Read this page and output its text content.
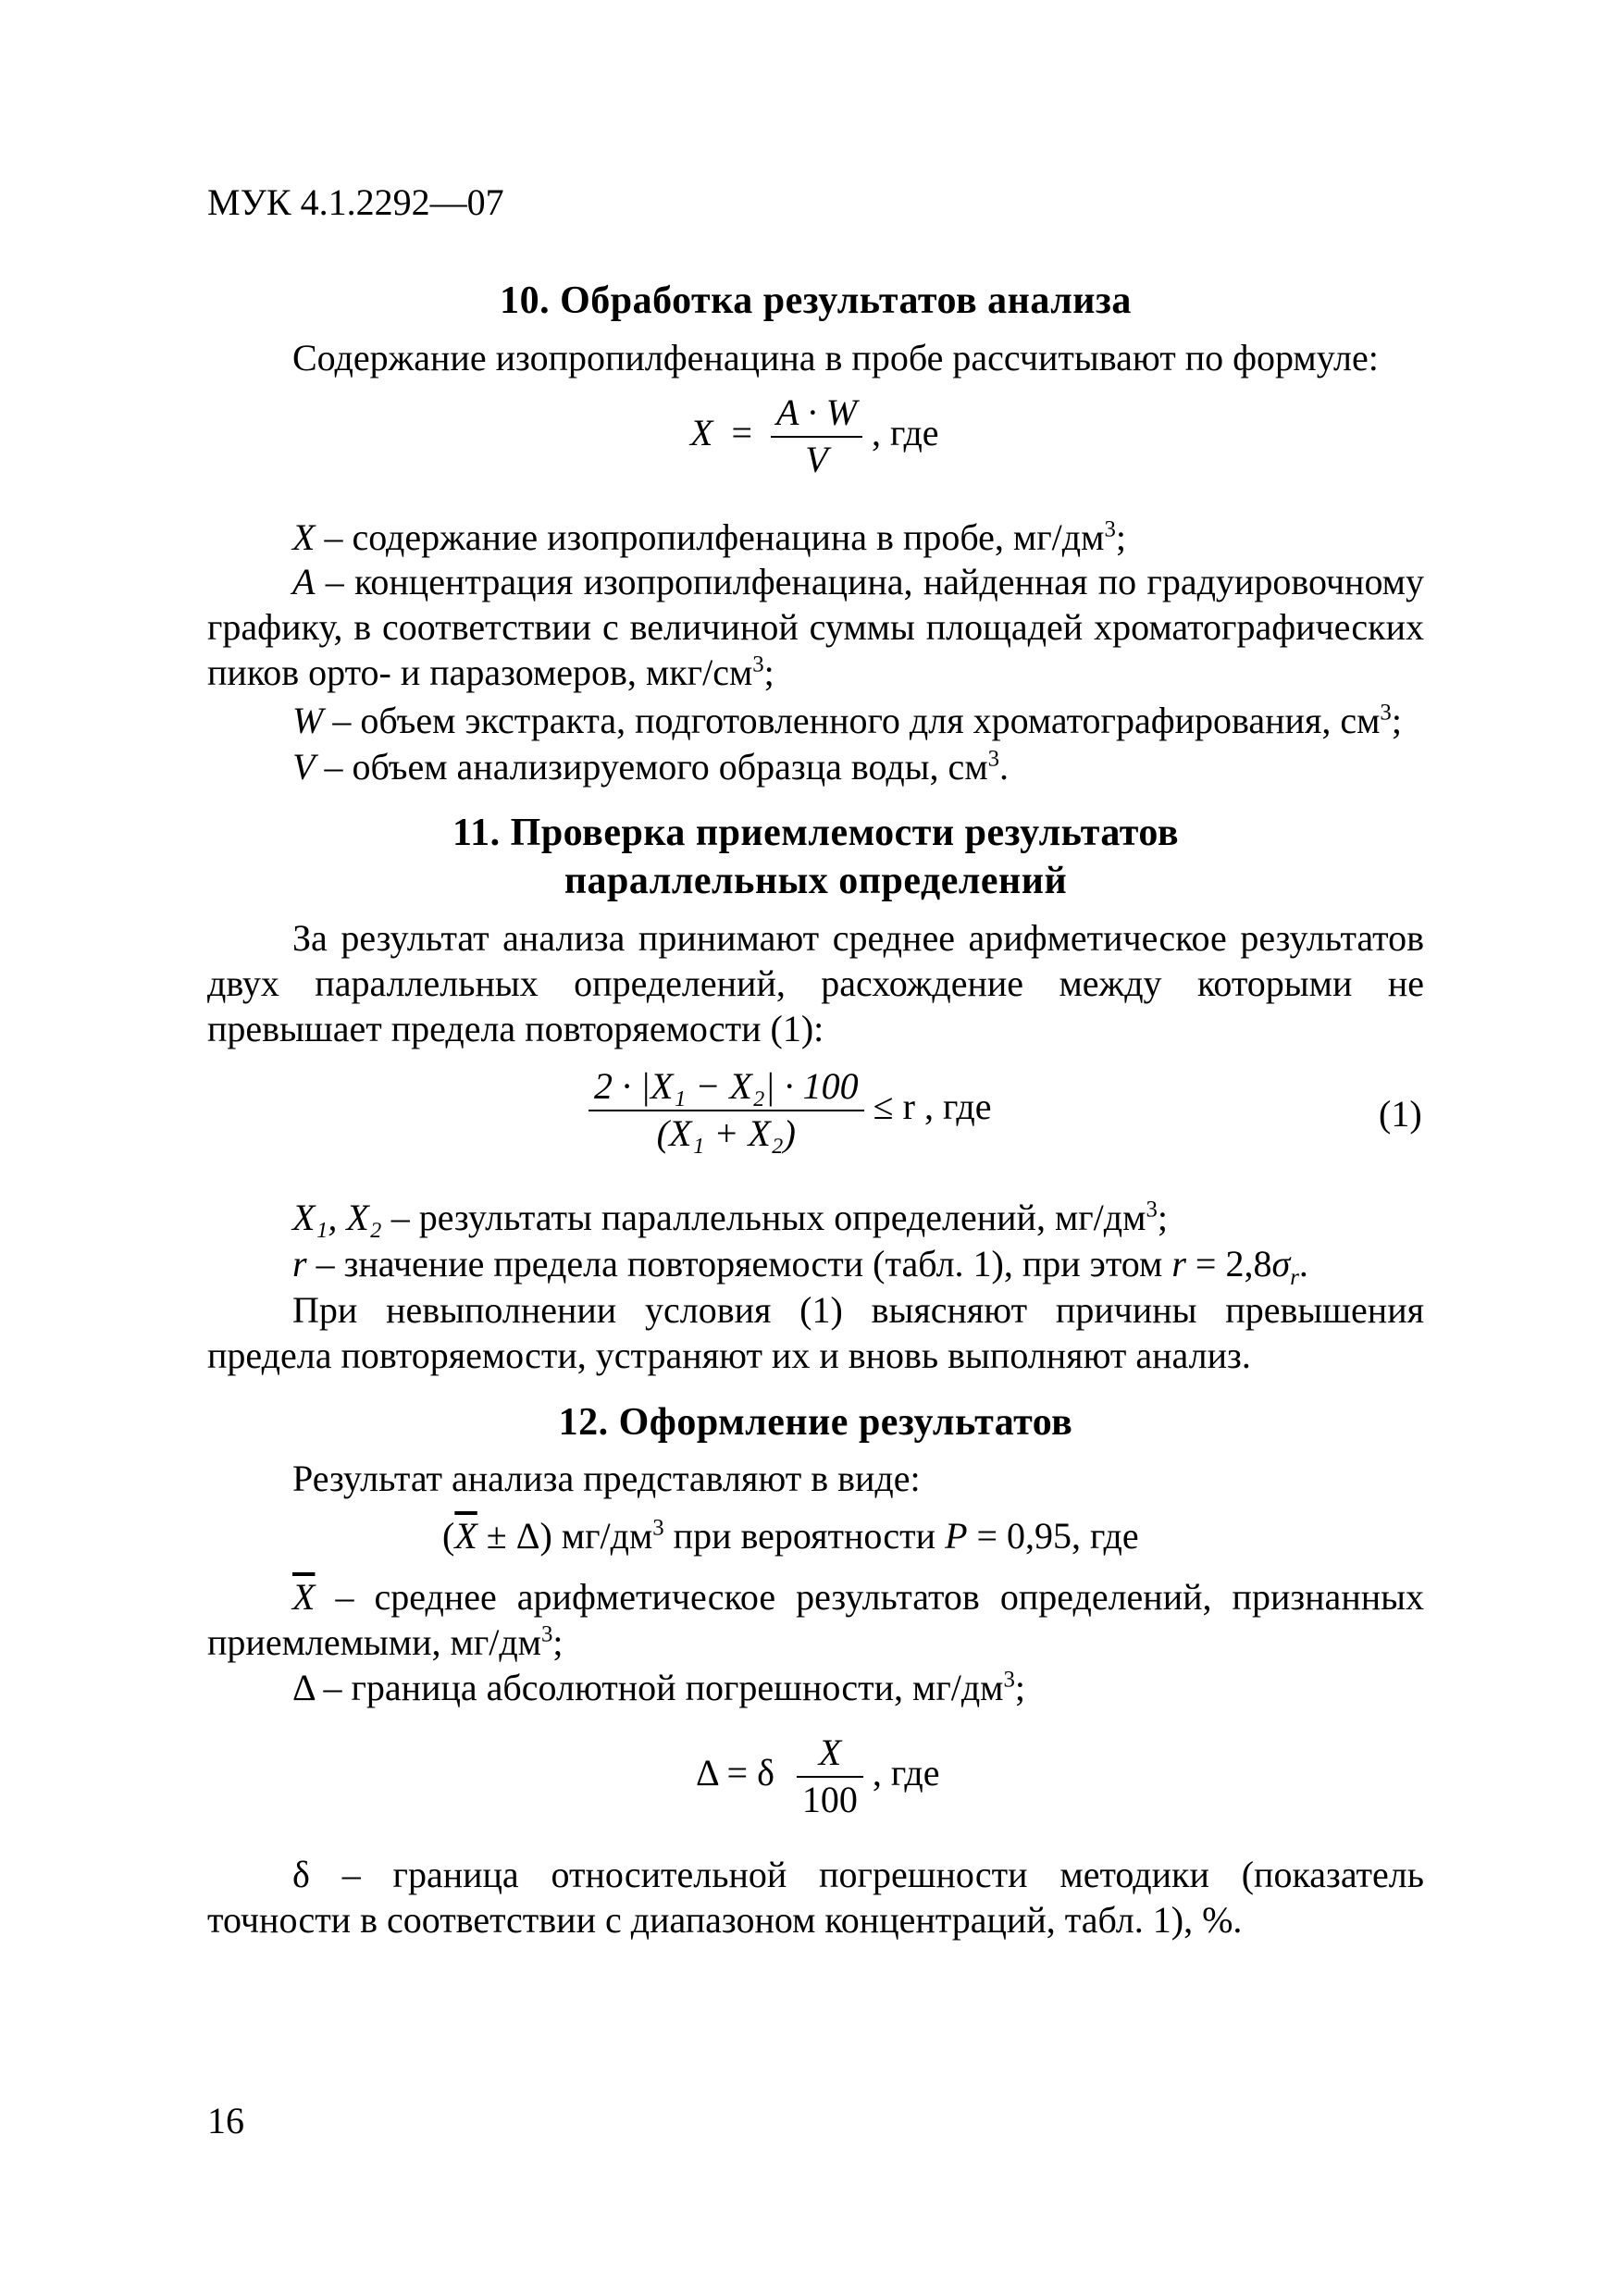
МУК 4.1.2292—07
10. Обработка результатов анализа
Содержание изопропилфенацина в пробе рассчитывают по формуле:
$X = \frac{A \cdot W}{V}$ , где
X – содержание изопропилфенацина в пробе, $мг/дм^3$;
A – концентрация изопропилфенацина, найденная по градуировочному графику, в соответствии с величиной суммы площадей хроматографических пиков орто- и паразомеров, мкг/$см^3$;
W – объем экстракта, подготовленного для хроматографирования, $см^3$;
V – объем анализируемого образца воды, $см^3$.
11. Проверка приемлемости результатов
параллельных определений
За результат анализа принимают среднее арифметическое результатов двух параллельных определений, расхождение между которыми не превышает предела повторяемости (1):
$\frac{\text{2 · |X₁ − X₂| · 100}}{\text{(X₁ + X₂)}} \le r$ , где	(1)
X₁, X₂ – результаты параллельных определений, $мг/дм^3$;
r – значение предела повторяемости (табл. 1), при этом $r = 2,8\sigma_r$.
При невыполнении условия (1) выясняют причины превышения предела повторяемости, устраняют их и вновь выполняют анализ.
12. Оформление результатов
Результат анализа представляют в виде:
$(\overline{X} \pm \Delta)$ $мг/дм^3$ при вероятности P = 0,95, где
$\overline{X}$ – среднее арифметическое результатов определений, признанных приемлемыми, $мг/дм^3$;
Δ – граница абсолютной погрешности, $мг/дм^3$;
Δ = δ $\frac{X}{100}$ , где
δ – граница относительной погрешности методики (показатель точности в соответствии с диапазоном концентраций, табл. 1), %.
16
